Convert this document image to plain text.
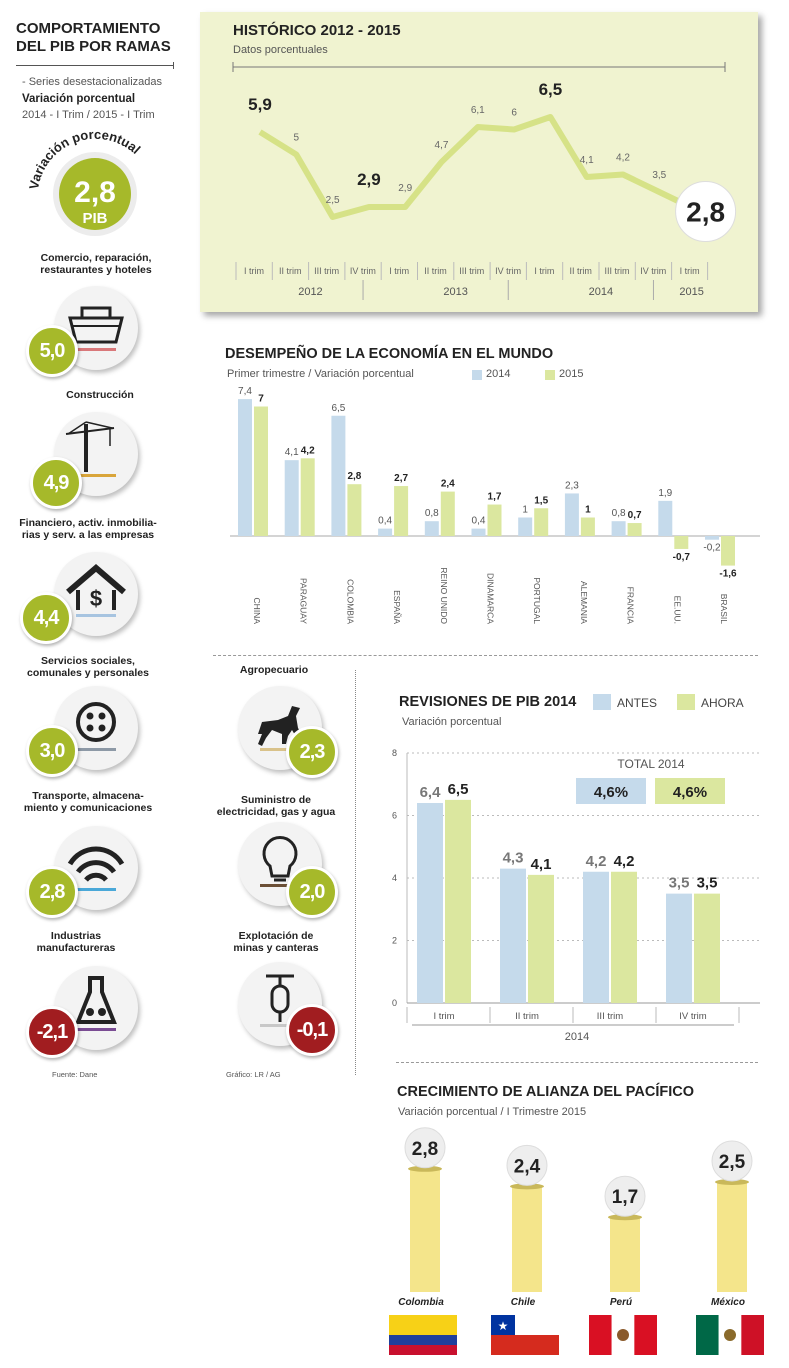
COMPORTAMIENTO DEL PIB POR RAMAS
- Series desestacionalizadas
Variación porcentual
2014 - I Trim / 2015 - I Trim
Variación porcentual
2,8
PIB
Comercio, reparación,
restaurantes y hoteles
5,0
Construcción
4,9
Financiero, activ. inmobilia-
rias y serv. a las empresas
$
4,4
Servicios sociales,
comunales y personales
3,0
Transporte, almacena-
miento y comunicaciones
2,8
Industrias
manufactureras
-2,1
Agropecuario
2,3
Suministro de
electricidad, gas y agua
2,0
Explotación de
minas y canteras
-0,1
Fuente: Dane	Gráfico: LR / AG
HISTÓRICO 2012 - 2015
Datos porcentuales
5,9
5
2,5
2,9 2,9
4,7
6,1	6
6,5
4,1 4,2
3,5
2,8
I trim II trim III trim IV trim I trim II trim III trim IV trim I trim II trim III trim IV trim I trim
2012	2013	2014	2015
DESEMPEÑO DE LA ECONOMÍA EN EL MUNDO
Primer trimestre / Variación porcentual	2014	2015
7,4
7
CHINA
4,1 4,2
PARAGUAY
6,5
2,8
COLOMBIA
0,4
2,7
ESPAÑA
0,8
2,4
REINO UNIDO
0,4
1,7
DINAMARCA
1
1,5
PORTUGAL
2,3
1
ALEMANIA
0,8 0,7
FRANCIA
1,9
-0,7
EE.UU.
-0,2
-1,6
BRASIL
REVISIONES DE PIB 2014	ANTES	AHORA
Variación porcentual
0
2
4
6
8
6,4 6,5
I trim
4,3 4,1
II trim
4,2 4,2
III trim
3,5 3,5
IV trim
2014
TOTAL 2014
4,6%	4,6%
CRECIMIENTO DE ALIANZA DEL PACÍFICO
Variación porcentual / I Trimestre 2015
2,8
Colombia
2,4
Chile
★
1,7
Perú
2,5
México
